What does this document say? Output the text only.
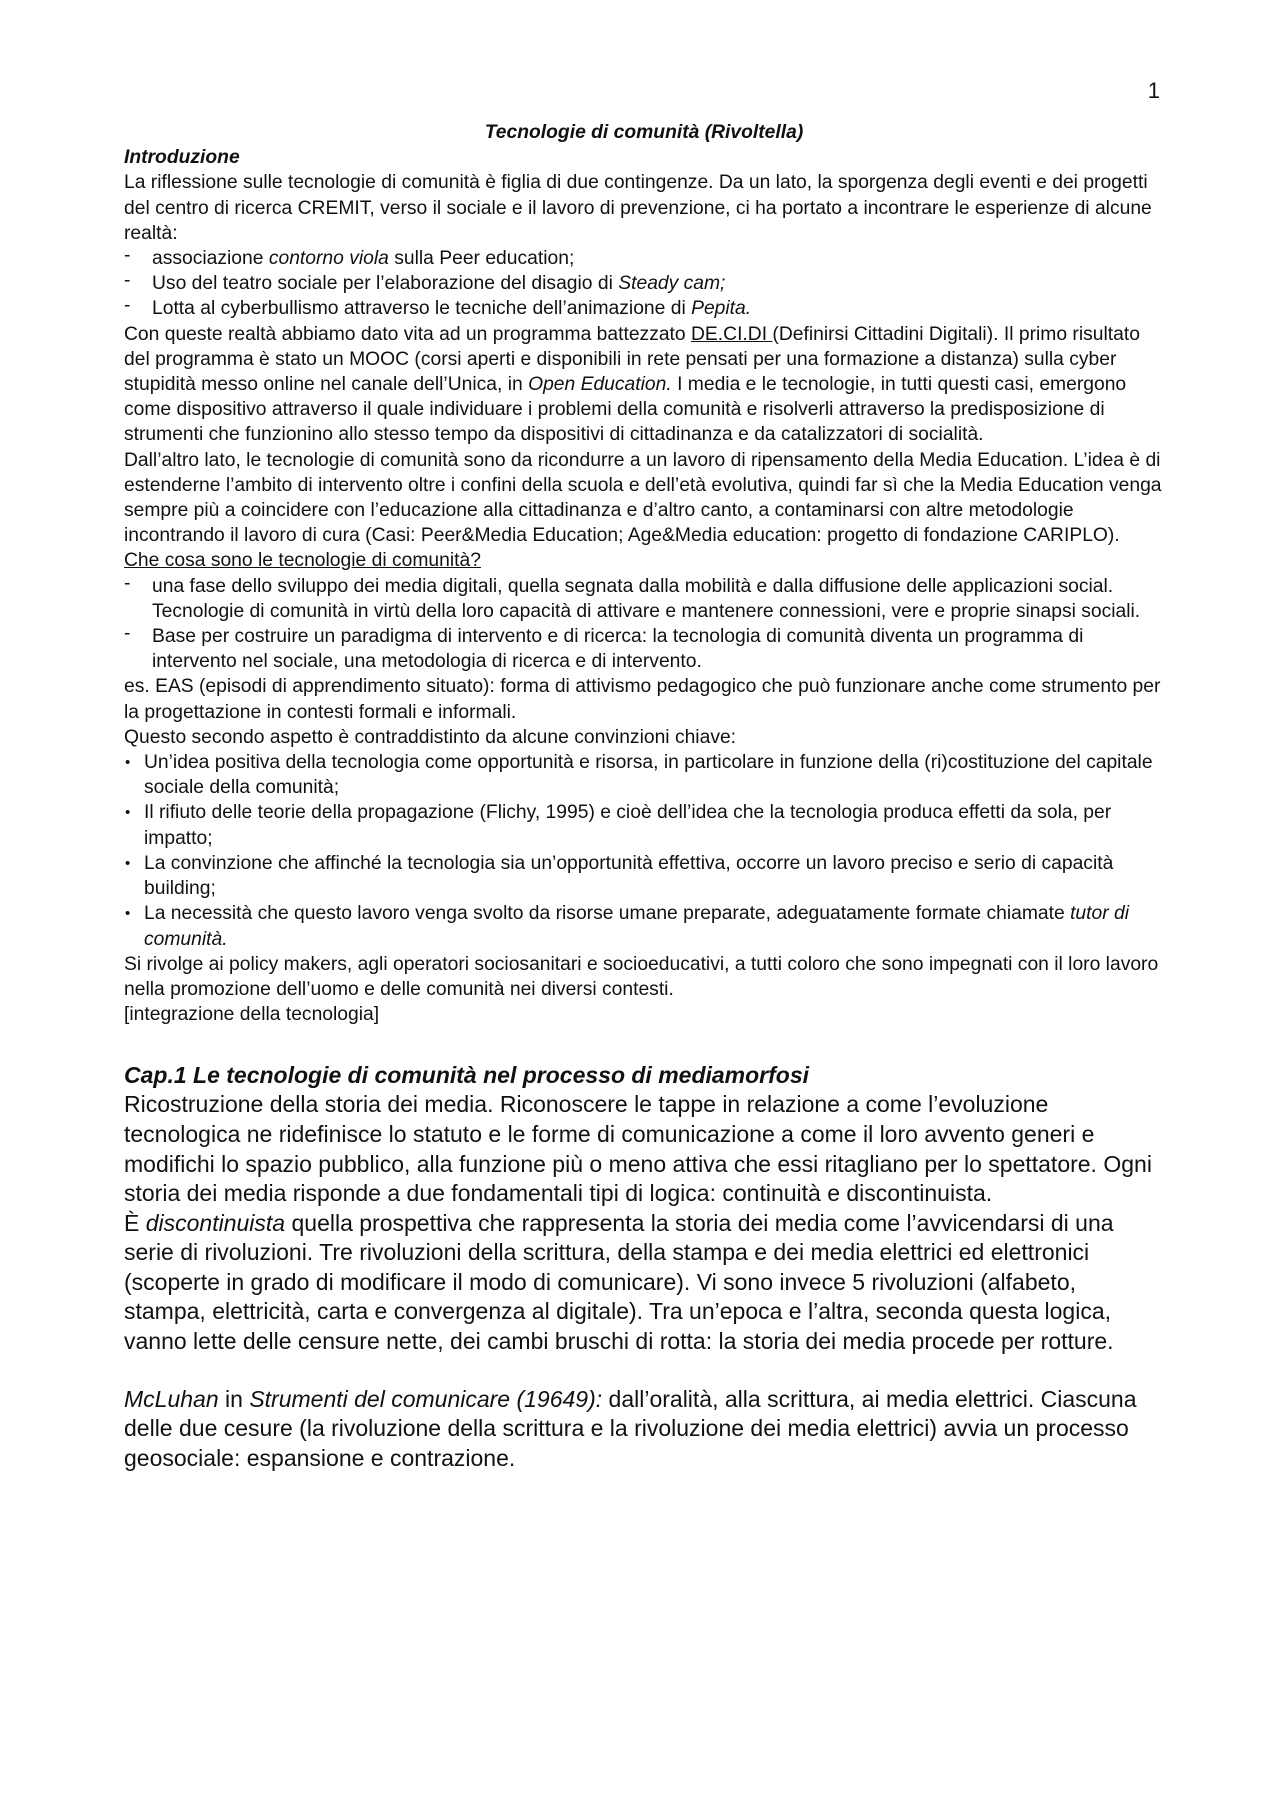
1

Tecnologie di comunità (Rivoltella)

Introduzione

La riflessione sulle tecnologie di comunità è figlia di due contingenze. Da un lato, la sporgenza degli eventi e dei progetti del centro di ricerca CREMIT, verso il sociale e il lavoro di prevenzione, ci ha portato a incontrare le esperienze di alcune realtà:

- associazione contorno viola sulla Peer education;
- Uso del teatro sociale per l’elaborazione del disagio di Steady cam;
- Lotta al cyberbullismo attraverso le tecniche dell’animazione di Pepita.

Con queste realtà abbiamo dato vita ad un programma battezzato DE.CI.DI (Definirsi Cittadini Digitali). Il primo risultato del programma è stato un MOOC (corsi aperti e disponibili in rete pensati per una formazione a distanza) sulla cyber stupidità messo online nel canale dell’Unica, in Open Education. I media e le tecnologie, in tutti questi casi, emergono come dispositivo attraverso il quale individuare i problemi della comunità e risolverli attraverso la predisposizione di strumenti che funzionino allo stesso tempo da dispositivi di cittadinanza e da catalizzatori di socialità.

Dall’altro lato, le tecnologie di comunità sono da ricondurre a un lavoro di ripensamento della Media Education. L’idea è di estenderne l’ambito di intervento oltre i confini della scuola e dell’età evolutiva, quindi far sì che la Media Education venga sempre più a coincidere con l’educazione alla cittadinanza e d’altro canto, a contaminarsi con altre metodologie incontrando il lavoro di cura (Casi: Peer&Media Education; Age&Media education: progetto di fondazione CARIPLO).

Che cosa sono le tecnologie di comunità?

- una fase dello sviluppo dei media digitali, quella segnata dalla mobilità e dalla diffusione delle applicazioni social. Tecnologie di comunità in virtù della loro capacità di attivare e mantenere connessioni, vere e proprie sinapsi sociali.
- Base per costruire un paradigma di intervento e di ricerca: la tecnologia di comunità diventa un programma di intervento nel sociale, una metodologia di ricerca e di intervento.

es. EAS (episodi di apprendimento situato): forma di attivismo pedagogico che può funzionare anche come strumento per la progettazione in contesti formali e informali.

Questo secondo aspetto è contraddistinto da alcune convinzioni chiave:

• Un’idea positiva della tecnologia come opportunità e risorsa, in particolare in funzione della (ri)costituzione del capitale sociale della comunità;
• Il rifiuto delle teorie della propagazione (Flichy, 1995) e cioè dell’idea che la tecnologia produca effetti da sola, per impatto;
• La convinzione che affinché la tecnologia sia un’opportunità effettiva, occorre un lavoro preciso e serio di capacità building;
• La necessità che questo lavoro venga svolto da risorse umane preparate, adeguatamente formate chiamate tutor di comunità.

Si rivolge ai policy makers, agli operatori sociosanitari e socioeducativi, a tutti coloro che sono impegnati con il loro lavoro nella promozione dell’uomo e delle comunità nei diversi contesti.

[integrazione della tecnologia]

Cap.1 Le tecnologie di comunità nel processo di mediamorfosi

Ricostruzione della storia dei media. Riconoscere le tappe in relazione a come l’evoluzione tecnologica ne ridefinisce lo statuto e le forme di comunicazione a come il loro avvento generi e modifichi lo spazio pubblico, alla funzione più o meno attiva che essi ritagliano per lo spettatore. Ogni storia dei media risponde a due fondamentali tipi di logica: continuità e discontinuista.

È discontinuista quella prospettiva che rappresenta la storia dei media come l’avvicendarsi di una serie di rivoluzioni. Tre rivoluzioni della scrittura, della stampa e dei media elettrici ed elettronici (scoperte in grado di modificare il modo di comunicare). Vi sono invece 5 rivoluzioni (alfabeto, stampa, elettricità, carta e convergenza al digitale). Tra un’epoca e l’altra, seconda questa logica, vanno lette delle censure nette, dei cambi bruschi di rotta: la storia dei media procede per rotture.

McLuhan in Strumenti del comunicare (19649): dall’oralità, alla scrittura, ai media elettrici. Ciascuna delle due cesure (la rivoluzione della scrittura e la rivoluzione dei media elettrici) avvia un processo geosociale: espansione e contrazione.
